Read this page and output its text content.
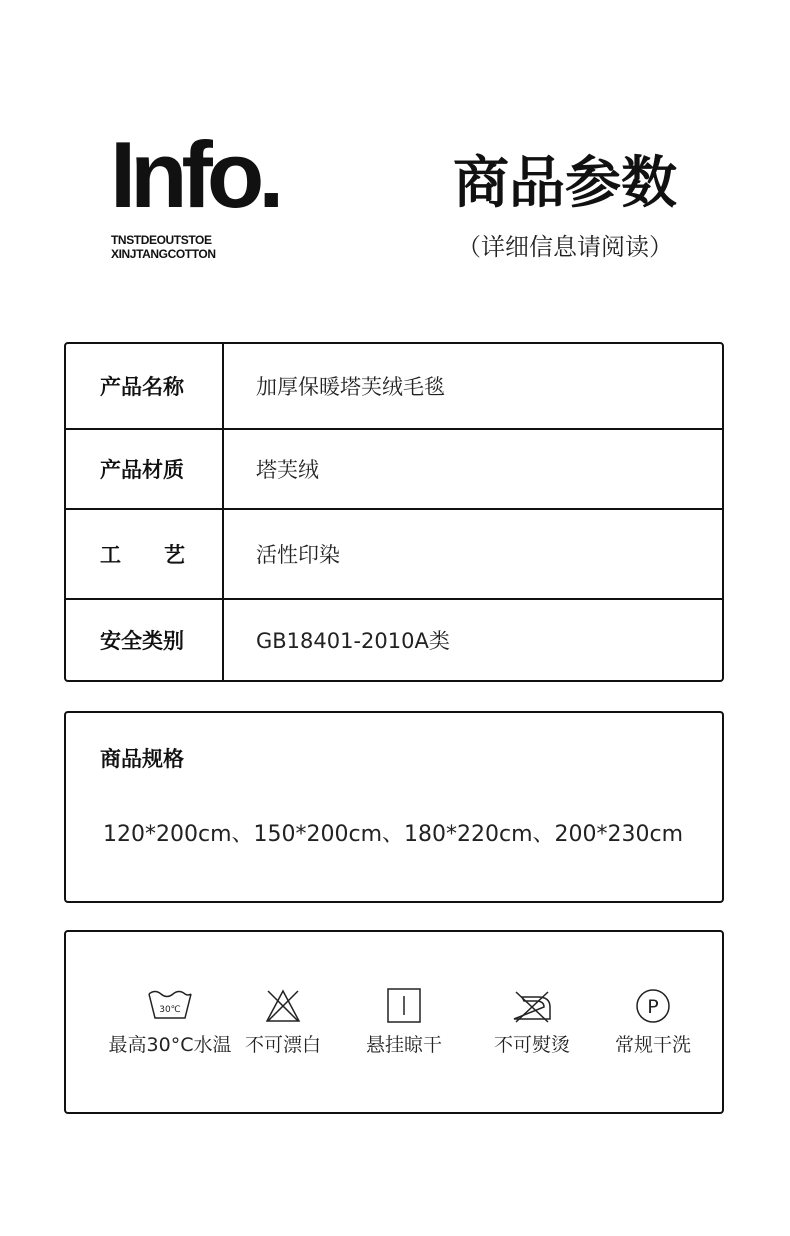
Info.
TNSTDEOUTSTOE
XINJTANGCOTTON
商品参数
（详细信息请阅读）
产品名称	加厚保暖塔芙绒毛毯
产品材质	塔芙绒
工艺	活性印染
安全类别	GB18401-2010A类
商品规格
120*200cm、150*200cm、180*220cm、200*230cm
30℃
最高30°C水温 不可漂白	悬挂晾干	不可熨烫
P
常规干洗
